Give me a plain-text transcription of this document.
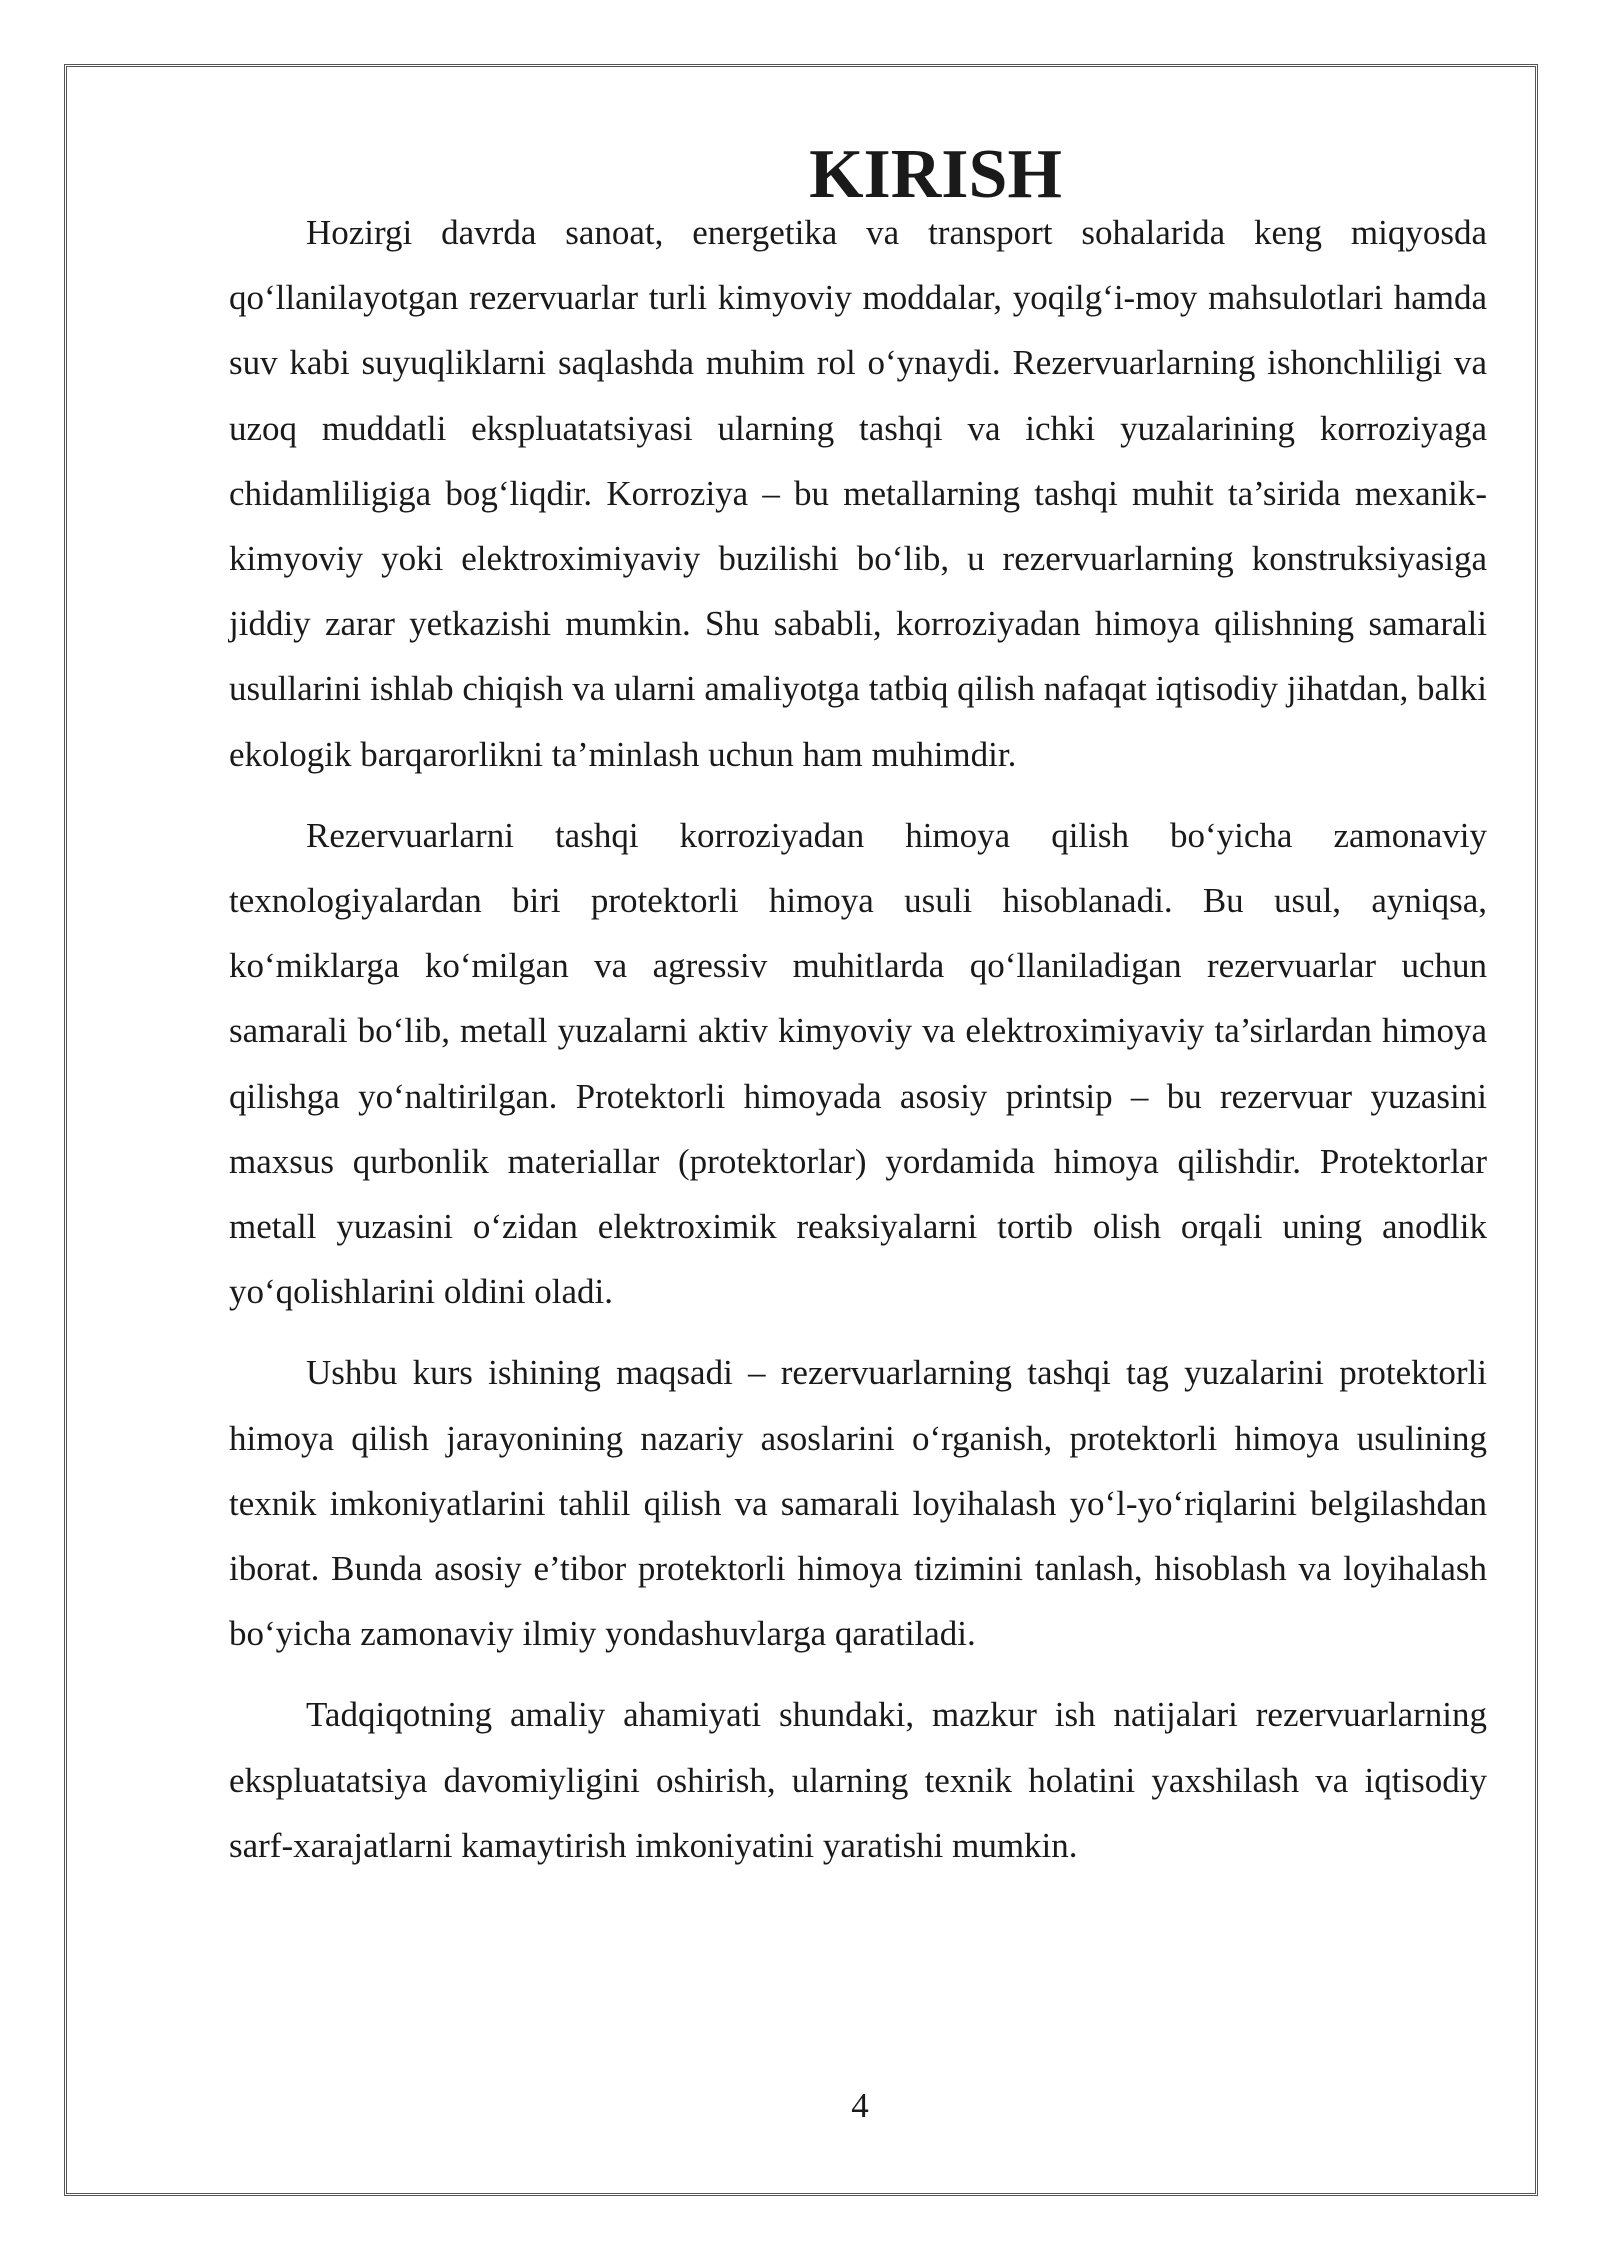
KIRISH

Hozirgi davrda sanoat, energetika va transport sohalarida keng miqyosda qo‘llanilayotgan rezervuarlar turli kimyoviy moddalar, yoqilg‘i-moy mahsulotlari hamda suv kabi suyuqliklarni saqlashda muhim rol o‘ynaydi. Rezervuarlarning ishonchliligi va uzoq muddatli ekspluatatsiyasi ularning tashqi va ichki yuzalarining korroziyaga chidamliligiga bog‘liqdir. Korroziya – bu metallarning tashqi muhit ta’sirida mexanik-kimyoviy yoki elektroximiyaviy buzilishi bo‘lib, u rezervuarlarning konstruksiyasiga jiddiy zarar yetkazishi mumkin. Shu sababli, korroziyadan himoya qilishning samarali usullarini ishlab chiqish va ularni amaliyotga tatbiq qilish nafaqat iqtisodiy jihatdan, balki ekologik barqarorlikni ta’minlash uchun ham muhimdir.

Rezervuarlarni tashqi korroziyadan himoya qilish bo‘yicha zamonaviy texnologiyalardan biri protektorli himoya usuli hisoblanadi. Bu usul, ayniqsa, ko‘miklarga ko‘milgan va agressiv muhitlarda qo‘llaniladigan rezervuarlar uchun samarali bo‘lib, metall yuzalarni aktiv kimyoviy va elektroximiyaviy ta’sirlardan himoya qilishga yo‘naltirilgan. Protektorli himoyada asosiy printsip – bu rezervuar yuzasini maxsus qurbonlik materiallar (protektorlar) yordamida himoya qilishdir. Protektorlar metall yuzasini o‘zidan elektroximik reaksiyalarni tortib olish orqali uning anodlik yo‘qolishlarini oldini oladi.

Ushbu kurs ishining maqsadi – rezervuarlarning tashqi tag yuzalarini protektorli himoya qilish jarayonining nazariy asoslarini o‘rganish, protektorli himoya usulining texnik imkoniyatlarini tahlil qilish va samarali loyihalash yo‘l-yo‘riqlarini belgilashdan iborat. Bunda asosiy e’tibor protektorli himoya tizimini tanlash, hisoblash va loyihalash bo‘yicha zamonaviy ilmiy yondashuvlarga qaratiladi.

Tadqiqotning amaliy ahamiyati shundaki, mazkur ish natijalari rezervuarlarning ekspluatatsiya davomiyligini oshirish, ularning texnik holatini yaxshilash va iqtisodiy sarf-xarajatlarni kamaytirish imkoniyatini yaratishi mumkin.

4
